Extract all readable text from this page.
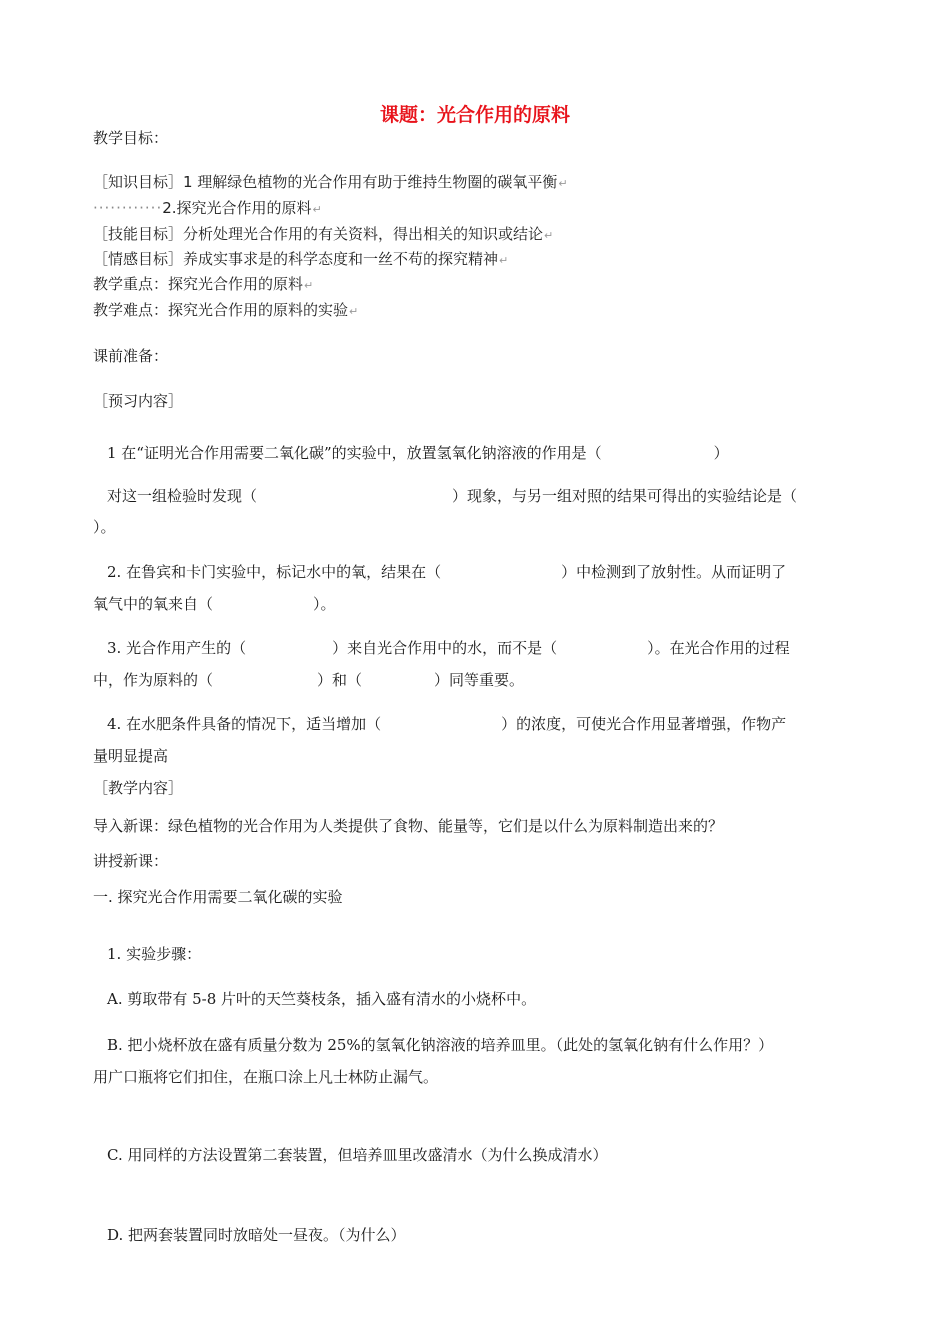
课题：光合作用的原料
教学目标：
［知识目标］1 理解绿色植物的光合作用有助于维持生物圈的碳氧平衡↵
············2.探究光合作用的原料↵
［技能目标］分析处理光合作用的有关资料，得出相关的知识或结论↵
［情感目标］养成实事求是的科学态度和一丝不苟的探究精神↵
教学重点：探究光合作用的原料↵
教学难点：探究光合作用的原料的实验↵
课前准备：
［预习内容］
1 在“证明光合作用需要二氧化碳”的实验中，放置氢氧化钠溶液的作用是（	）
对这一组检验时发现（	）现象，与另一组对照的结果可得出的实验结论是（
）。
2. 在鲁宾和卡门实验中，标记水中的氧，结果在（	）中检测到了放射性。从而证明了
氧气中的氧来自（	）。
3. 光合作用产生的（	）来自光合作用中的水，而不是（	）。在光合作用的过程
中，作为原料的（	）和（	）同等重要。
4. 在水肥条件具备的情况下，适当增加（	）的浓度，可使光合作用显著增强，作物产
量明显提高
［教学内容］
导入新课：绿色植物的光合作用为人类提供了食物、能量等，它们是以什么为原料制造出来的？
讲授新课：
一. 探究光合作用需要二氧化碳的实验
1. 实验步骤：
A. 剪取带有 5-8 片叶的天竺葵枝条，插入盛有清水的小烧杯中。
B. 把小烧杯放在盛有质量分数为 25%的氢氧化钠溶液的培养皿里。（此处的氢氧化钠有什么作用？）
用广口瓶将它们扣住，在瓶口涂上凡士林防止漏气。
C. 用同样的方法设置第二套装置，但培养皿里改盛清水（为什么换成清水）
D. 把两套装置同时放暗处一昼夜。（为什么）
